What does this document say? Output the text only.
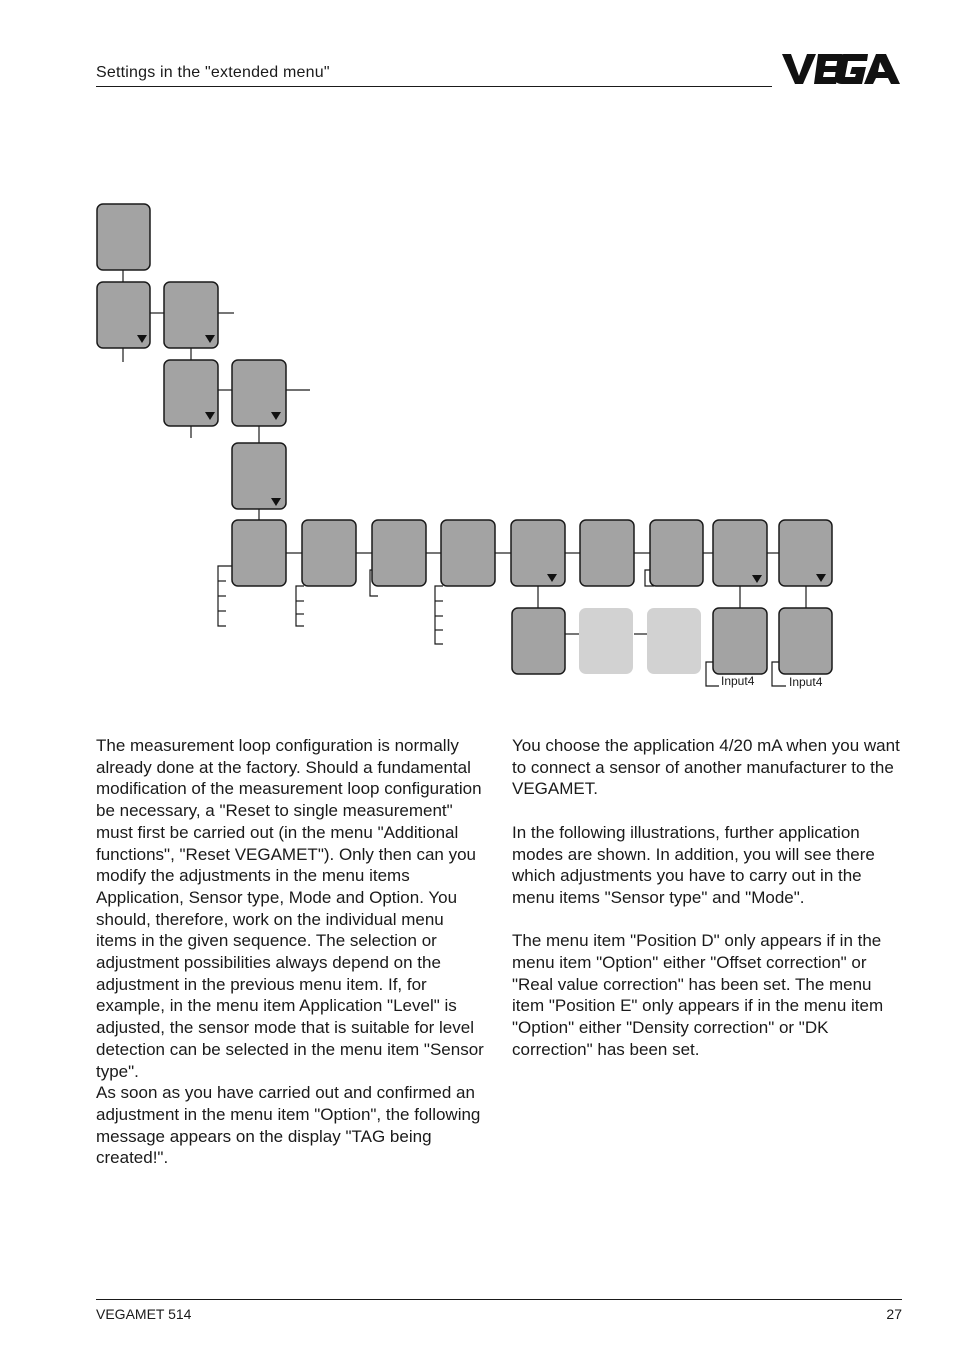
Settings in the "extended menu"
Input4	Input4

The measurement loop configuration is normally already done at the factory. Should a fundamental modification of the measurement loop configuration be necessary, a "Reset to single measurement" must first be carried out (in the menu "Additional functions", "Reset VEGAMET"). Only then can you modify the adjustments in the menu items Application, Sensor type, Mode and Option. You should, therefore, work on the individual menu items in the given sequence. The selection or adjustment possibilities always depend on the adjustment in the previous menu item. If, for example, in the menu item Application "Level" is adjusted, the sensor mode that is suitable for level detection can be selected in the menu item "Sensor type".

As soon as you have carried out and confirmed an adjustment in the menu item "Option", the following message appears on the display "TAG being created!".

You choose the application 4/20 mA when you want to connect a sensor of another manufacturer to the VEGAMET.

In the following illustrations, further application modes are shown. In addition, you will see there which adjustments you have to carry out in the menu items "Sensor type" and "Mode".

The menu item "Position D" only appears if in the menu item "Option" either "Offset correction" or "Real value correction" has been set. The menu item "Position E" only appears if in the menu item "Option" either "Density correction" or "DK correction" has been set.

VEGAMET 514	27
